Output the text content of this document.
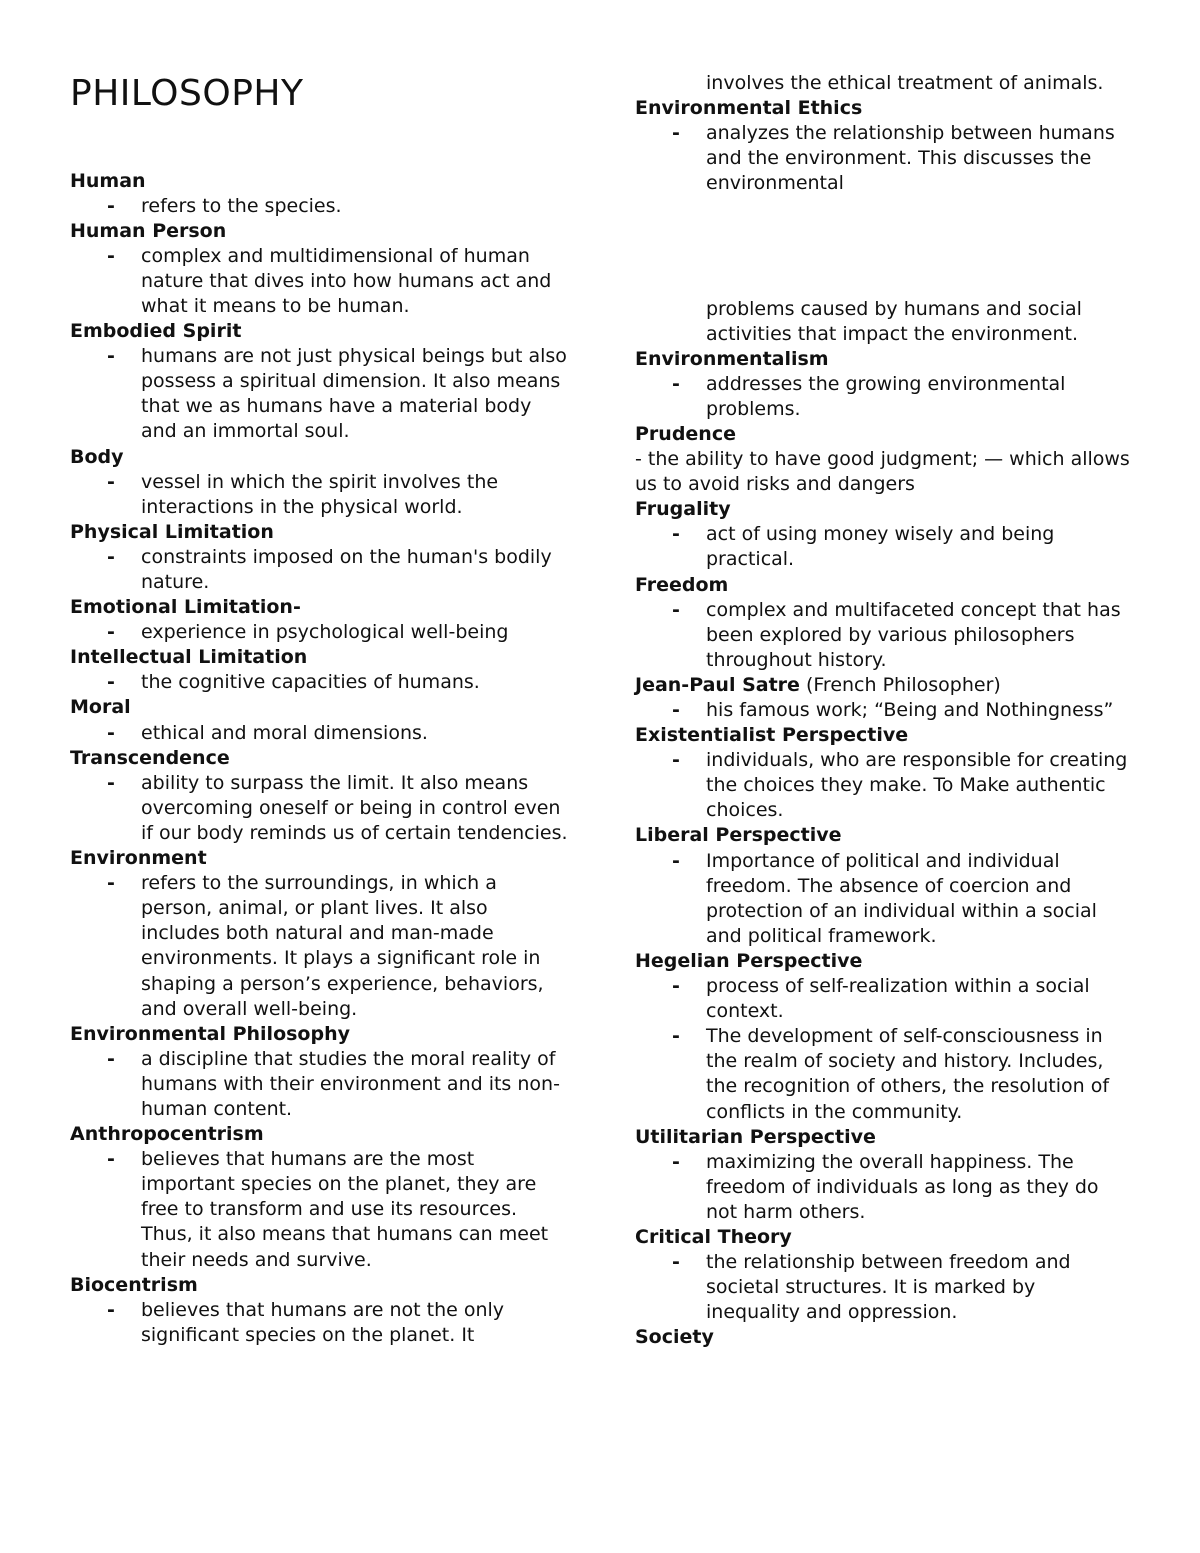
PHILOSOPHY
Human
- refers to the species.
Human Person
- complex and multidimensional of human nature that dives into how humans act and what it means to be human.
Embodied Spirit
- humans are not just physical beings but also possess a spiritual dimension. It also means that we as humans have a material body and an immortal soul.
Body
- vessel in which the spirit involves the interactions in the physical world.
Physical Limitation
- constraints imposed on the human's bodily nature.
Emotional Limitation-
- experience in psychological well-being
Intellectual Limitation
- the cognitive capacities of humans.
Moral
- ethical and moral dimensions.
Transcendence
- ability to surpass the limit. It also means overcoming oneself or being in control even if our body reminds us of certain tendencies.
Environment
- refers to the surroundings, in which a person, animal, or plant lives. It also includes both natural and man-made environments. It plays a significant role in shaping a person’s experience, behaviors, and overall well-being.
Environmental Philosophy
- a discipline that studies the moral reality of humans with their environment and its non-human content.
Anthropocentrism
- believes that humans are the most important species on the planet, they are free to transform and use its resources. Thus, it also means that humans can meet their needs and survive.
Biocentrism
- believes that humans are not the only significant species on the planet. It
involves the ethical treatment of animals.
Environmental Ethics
- analyzes the relationship between humans and the environment. This discusses the environmental
problems caused by humans and social activities that impact the environment.
Environmentalism
- addresses the growing environmental problems.
Prudence
- the ability to have good judgment; — which allows us to avoid risks and dangers
Frugality
- act of using money wisely and being practical.
Freedom
- complex and multifaceted concept that has been explored by various philosophers throughout history.
Jean-Paul Satre (French Philosopher)
- his famous work; “Being and Nothingness”
Existentialist Perspective
- individuals, who are responsible for creating the choices they make. To Make authentic choices.
Liberal Perspective
- Importance of political and individual freedom. The absence of coercion and protection of an individual within a social and political framework.
Hegelian Perspective
- process of self-realization within a social context.
- The development of self-consciousness in the realm of society and history. Includes, the recognition of others, the resolution of conflicts in the community.
Utilitarian Perspective
- maximizing the overall happiness. The freedom of individuals as long as they do not harm others.
Critical Theory
- the relationship between freedom and societal structures. It is marked by inequality and oppression.
Society
